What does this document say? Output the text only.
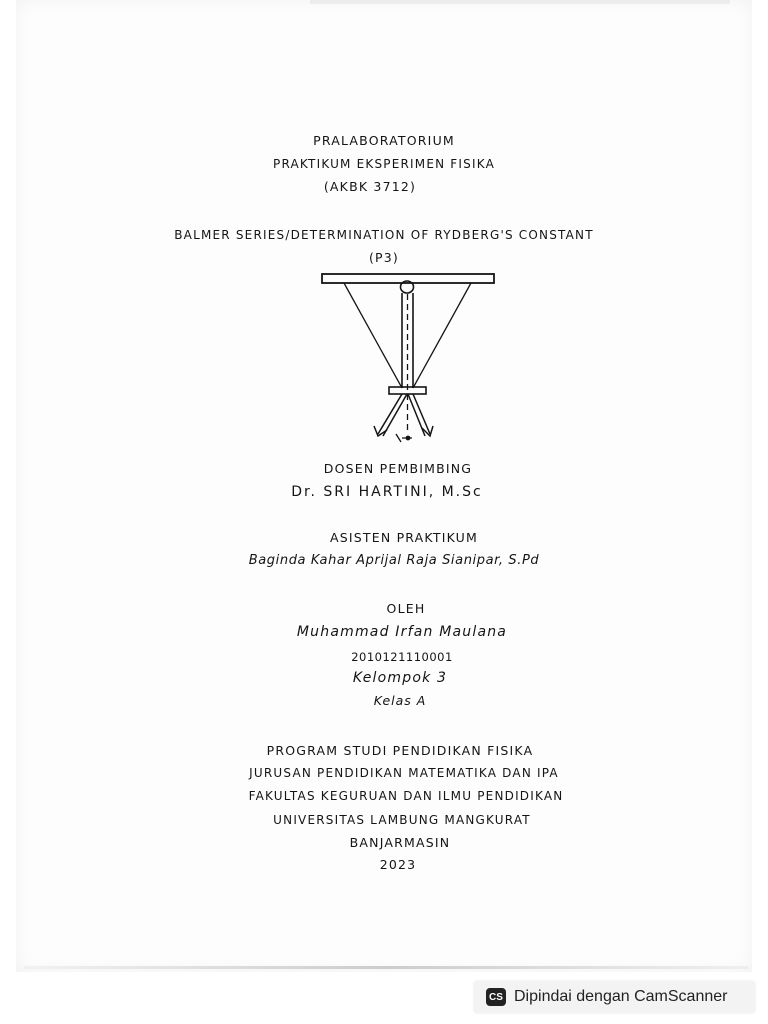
PRALABORATORIUM
PRAKTIKUM EKSPERIMEN FISIKA
(AKBK 3712)
BALMER SERIES/DETERMINATION OF RYDBERG'S CONSTANT
(P3)
DOSEN PEMBIMBING
Dr. SRI HARTINI, M.Sc
ASISTEN PRAKTIKUM
Baginda Kahar Aprijal Raja Sianipar, S.Pd
OLEH
Muhammad Irfan Maulana
2010121110001
Kelompok 3
Kelas A
PROGRAM STUDI PENDIDIKAN FISIKA
JURUSAN PENDIDIKAN MATEMATIKA DAN IPA
FAKULTAS KEGURUAN DAN ILMU PENDIDIKAN
UNIVERSITAS LAMBUNG MANGKURAT
BANJARMASIN
2023
CS Dipindai dengan CamScanner
